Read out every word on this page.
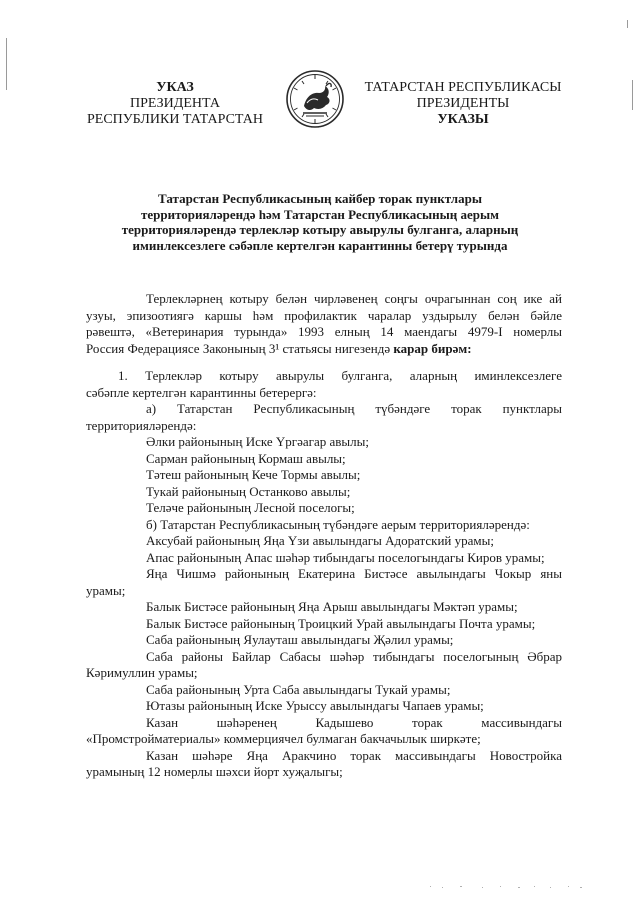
УКАЗ
ПРЕЗИДЕНТА
РЕСПУБЛИКИ ТАТАРСТАН
ТАТАРСТАН РЕСПУБЛИКАСЫ
ПРЕЗИДЕНТЫ
УКАЗЫ
Татарстан Республикасының кайбер торак пунктлары
территорияләрендә һәм Татарстан Республикасының аерым
территорияләрендә терлекләр котыру авырулы булганга, аларның
иминлексезлеге сәбәпле кертелгән карантинны бетерү турында
Терлекләрнең котыру белән чирләвенең соңгы очрагыннан соң ике ай
узуы, эпизоотиягә каршы һәм профилактик чаралар уздырылу белән бәйле
рәвештә, «Ветеринария турында» 1993 елның 14 маендагы 4979-I номерлы
Россия Федерациясе Законының 3¹ статьясы нигезендә карар бирәм:
1. Терлекләр котыру авырулы булганга, аларның иминлексезлеге
сәбәпле кертелгән карантинны бетерергә:
а) Татарстан Республикасының түбәндәге торак пунктлары
территорияләрендә:
Әлки районының Иске Үргәагар авылы;
Сарман районының Кормаш авылы;
Тәтеш районының Кече Тормы авылы;
Тукай районының Останково авылы;
Теләче районының Лесной поселогы;
б) Татарстан Республикасының түбәндәге аерым территорияләрендә:
Аксубай районының Яңа Үзи авылындагы Адоратский урамы;
Апас районының Апас шәһәр тибындагы поселогындагы Киров урамы;
Яңа Чишмә районының Екатерина Бистәсе авылындагы Чокыр яны
урамы;
Балык Бистәсе районының Яңа Арыш авылындагы Мәктәп урамы;
Балык Бистәсе районының Троицкий Урай авылындагы Почта урамы;
Саба районының Яулауташ авылындагы Җәлил урамы;
Саба районы Байлар Сабасы шәһәр тибындагы поселогының Әбрар
Кәримуллин урамы;
Саба районының Урта Саба авылындагы Тукай урамы;
Ютазы районының Иске Урыссу авылындагы Чапаев урамы;
Казан шәһәренең Кадышево торак массивындагы
«Промстройматериалы» коммерциячел булмаган бакчачылык ширкәте;
Казан шәһәре Яңа Аракчино торак массивындагы Новостройка
урамының 12 номерлы шәхси йорт хуҗалыгы;
